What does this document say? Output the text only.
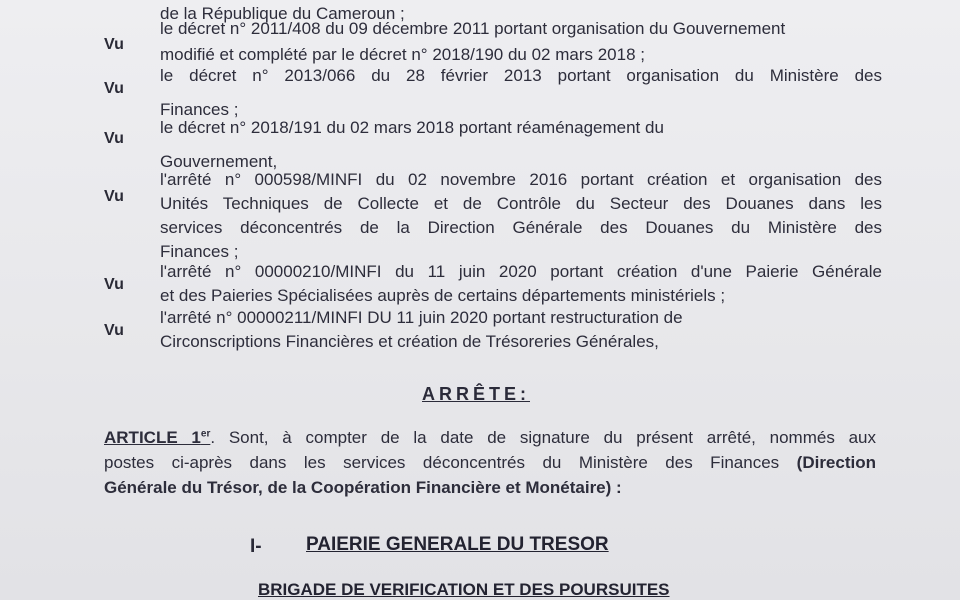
de la République du Cameroun ;
Vu
le décret n° 2011/408 du 09 décembre 2011 portant organisation du Gouvernement
modifié et complété par le décret n° 2018/190 du 02 mars 2018 ;
Vu
le décret n° 2013/066 du 28 février 2013 portant organisation du Ministère des
Finances ;
Vu
le décret n° 2018/191 du 02 mars 2018 portant réaménagement du
Gouvernement,
Vu
l'arrêté n° 000598/MINFI du 02 novembre 2016 portant création et organisation des
Unités Techniques de Collecte et de Contrôle du Secteur des Douanes dans les
services déconcentrés de la Direction Générale des Douanes du Ministère des
Finances ;
Vu
l'arrêté n° 00000210/MINFI du 11 juin 2020 portant création d'une Paierie Générale
et des Paieries Spécialisées auprès de certains départements ministériels ;
Vu
l'arrêté n° 00000211/MINFI DU 11 juin 2020 portant restructuration de
Circonscriptions Financières et création de Trésoreries Générales,
ARRÊTE:
ARTICLE 1er. Sont, à compter de la date de signature du présent arrêté, nommés aux
postes ci-après dans les services déconcentrés du Ministère des Finances (Direction
Générale du Trésor, de la Coopération Financière et Monétaire) :
I- PAIERIE GENERALE DU TRESOR
BRIGADE DE VERIFICATION ET DES POURSUITES
